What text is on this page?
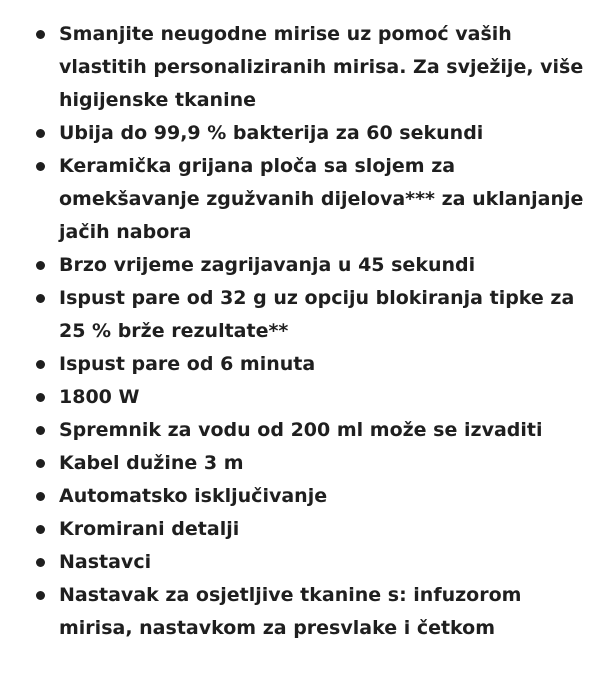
Smanjite neugodne mirise uz pomoć vaših vlastitih personaliziranih mirisa. Za svježije, više higijenske tkanine
Ubija do 99,9 % bakterija za 60 sekundi
Keramička grijana ploča sa slojem za omekšavanje zgužvanih dijelova*** za uklanjanje jačih nabora
Brzo vrijeme zagrijavanja u 45 sekundi
Ispust pare od 32 g uz opciju blokiranja tipke za 25 % brže rezultate**
Ispust pare od 6 minuta
1800 W
Spremnik za vodu od 200 ml može se izvaditi
Kabel dužine 3 m
Automatsko isključivanje
Kromirani detalji
Nastavci
Nastavak za osjetljive tkanine s: infuzorom mirisa, nastavkom za presvlake i četkom
